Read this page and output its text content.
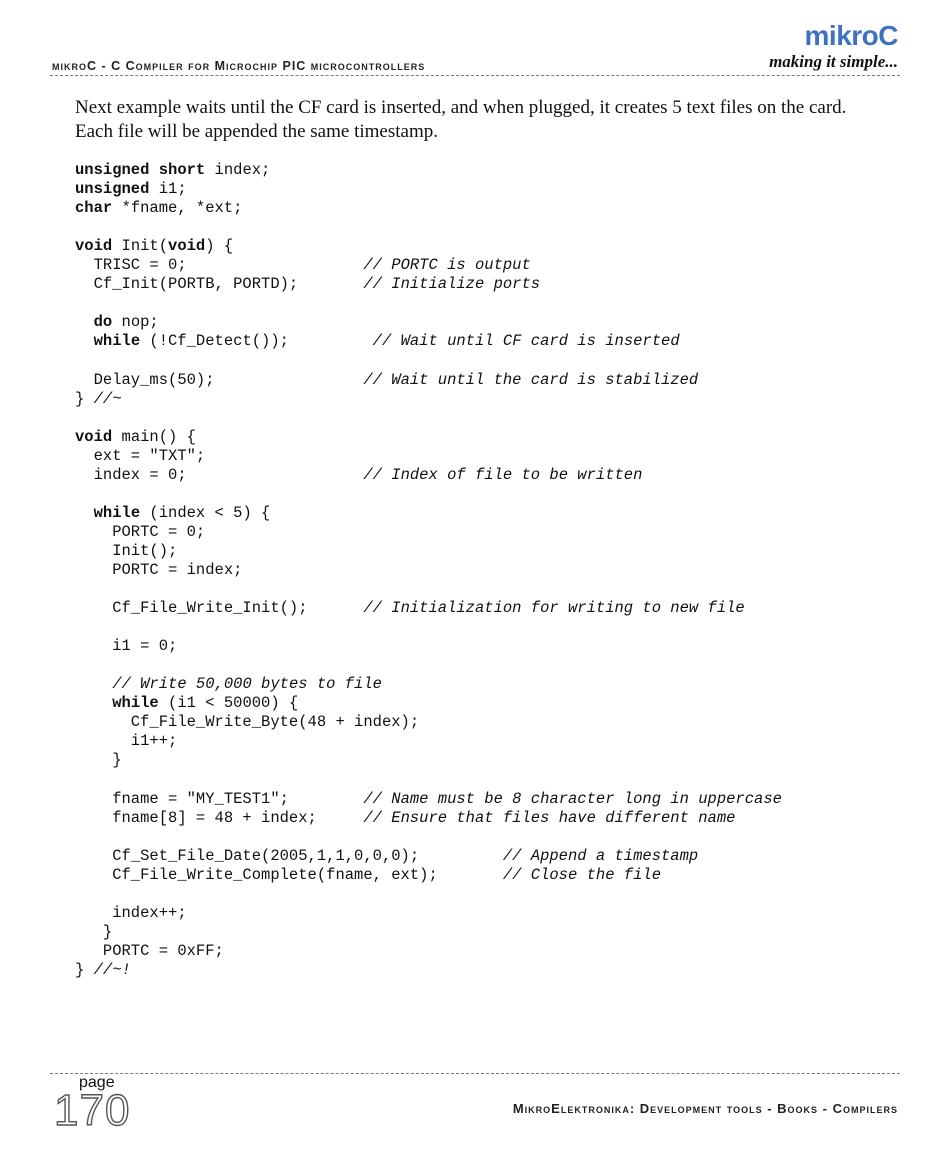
mikroC - C Compiler for Microchip PIC microcontrollers
mikroC
making it simple...
Next example waits until the CF card is inserted, and when plugged, it creates 5 text files on the card. Each file will be appended the same timestamp.
unsigned short index;
unsigned i1;
char *fname, *ext;

void Init(void) {
TRISC = 0;                   // PORTC is output
Cf_Init(PORTB, PORTD);       // Initialize ports

do nop;
while (!Cf_Detect());         // Wait until CF card is inserted

Delay_ms(50);                // Wait until the card is stabilized
} //~

void main() {
ext = "TXT";
index = 0;                   // Index of file to be written

while (index < 5) {
PORTC = 0;
Init();
PORTC = index;

Cf_File_Write_Init();      // Initialization for writing to new file

i1 = 0;

// Write 50,000 bytes to file
while (i1 < 50000) {
Cf_File_Write_Byte(48 + index);
i1++;
}

fname = "MY_TEST1";        // Name must be 8 character long in uppercase
fname[8] = 48 + index;     // Ensure that files have different name

Cf_Set_File_Date(2005,1,1,0,0,0);         // Append a timestamp
Cf_File_Write_Complete(fname, ext);       // Close the file

index++;
}
PORTC = 0xFF;
} //~!
page
170	MikroElektronika: Development tools - Books - Compilers
